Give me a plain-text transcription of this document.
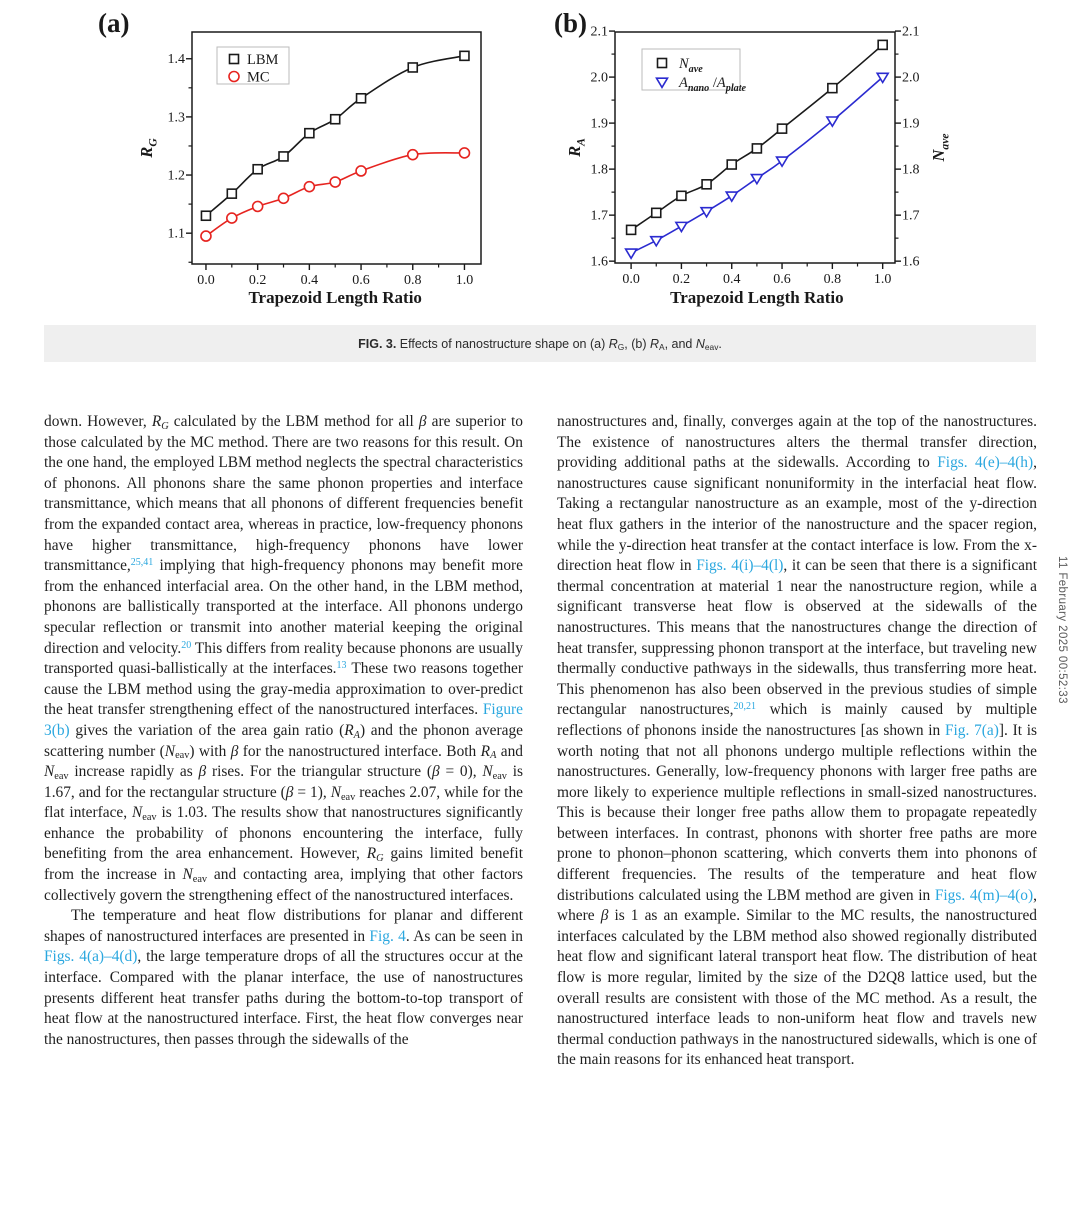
(a)
0.0 0.2 0.4 0.6 0.8 1.0
1.1
1.2
1.3
1.4
Trapezoid Length Ratio
$R_G$
LBM
MC
(b)
0.0 0.2 0.4 0.6 0.8 1.0
1.6	1.6
1.7	1.7
1.8	1.8
1.9	1.9
2.0	2.0
2.1	2.1
Trapezoid Length Ratio
$R_A$
$N_{ave}$
$N_{ave}$
$A_{nano}$ $/A_{plate}$
FIG. 3. Effects of nanostructure shape on (a) RG, (b) RA, and Neav.

down. However, RG calculated by the LBM method for all β are superior to those calculated by the MC method. There are two reasons for this result. On the one hand, the employed LBM method neglects the spectral characteristics of phonons. All phonons share the same phonon properties and interface transmittance, which means that all phonons of different frequencies benefit from the expanded contact area, whereas in practice, low-frequency phonons have higher transmittance, high-frequency phonons have lower transmittance,$^{25,41}$ implying that high-frequency phonons may benefit more from the enhanced interfacial area. On the other hand, in the LBM method, phonons are ballistically transported at the interface. All phonons undergo specular reflection or transmit into another material keeping the original direction and velocity.$^{20}$ This differs from reality because phonons are usually transported quasi-ballistically at the interfaces.$^{13}$ These two reasons together cause the LBM method using the gray-media approximation to over-predict the heat transfer strengthening effect of the nanostructured interfaces. Figure 3(b) gives the variation of the area gain ratio (RA) and the phonon average scattering number (Neav) with β for the nanostructured interface. Both RA and Neav increase rapidly as β rises. For the triangular structure (β = 0), Neav is 1.67, and for the rectangular structure (β = 1), Neav reaches 2.07, while for the flat interface, Neav is 1.03. The results show that nanostructures significantly enhance the probability of phonons encountering the interface, fully benefiting from the area enhancement. However, RG gains limited benefit from the increase in Neav and contacting area, implying that other factors collectively govern the strengthening effect of the nanostructured interfaces.

The temperature and heat flow distributions for planar and different shapes of nanostructured interfaces are presented in Fig. 4. As can be seen in Figs. 4(a)–4(d), the large temperature drops of all the structures occur at the interface. Compared with the planar interface, the use of nanostructures presents different heat transfer paths during the bottom-to-top transport of heat flow at the nanostructured interface. First, the heat flow converges near the nanostructures, then passes through the sidewalls of the

nanostructures and, finally, converges again at the top of the nanostructures. The existence of nanostructures alters the thermal transfer direction, providing additional paths at the sidewalls. According to Figs. 4(e)–4(h), nanostructures cause significant nonuniformity in the interfacial heat flow. Taking a rectangular nanostructure as an example, most of the y-direction heat flux gathers in the interior of the nanostructure and the spacer region, while the y-direction heat transfer at the contact interface is low. From the x-direction heat flow in Figs. 4(i)–4(l), it can be seen that there is a significant thermal concentration at material 1 near the nanostructure region, while a significant transverse heat flow is observed at the sidewalls of the nanostructures. This means that the nanostructures change the direction of heat transfer, suppressing phonon transport at the interface, but traveling new thermally conductive pathways in the sidewalls, thus transferring more heat. This phenomenon has also been observed in the previous studies of simple rectangular nanostructures,$^{20,21}$ which is mainly caused by multiple reflections of phonons inside the nanostructures [as shown in Fig. 7(a)]. It is worth noting that not all phonons undergo multiple reflections within the nanostructures. Generally, low-frequency phonons with larger free paths are more likely to experience multiple reflections in small-sized nanostructures. This is because their longer free paths allow them to propagate repeatedly between interfaces. In contrast, phonons with shorter free paths are more prone to phonon–phonon scattering, which converts them into phonons of different frequencies. The results of the temperature and heat flow distributions calculated using the LBM method are given in Figs. 4(m)–4(o), where β is 1 as an example. Similar to the MC results, the nanostructured interfaces calculated by the LBM method also showed regionally distributed heat flow and significant lateral transport heat flow. The distribution of heat flow is more regular, limited by the size of the D2Q8 lattice used, but the overall results are consistent with those of the MC method. As a result, the nanostructured interface leads to non-uniform heat flow and travels new thermal conduction pathways in the nanostructured sidewalls, which is one of the main reasons for its enhanced heat transport.

11 February 2025 00:52:33
